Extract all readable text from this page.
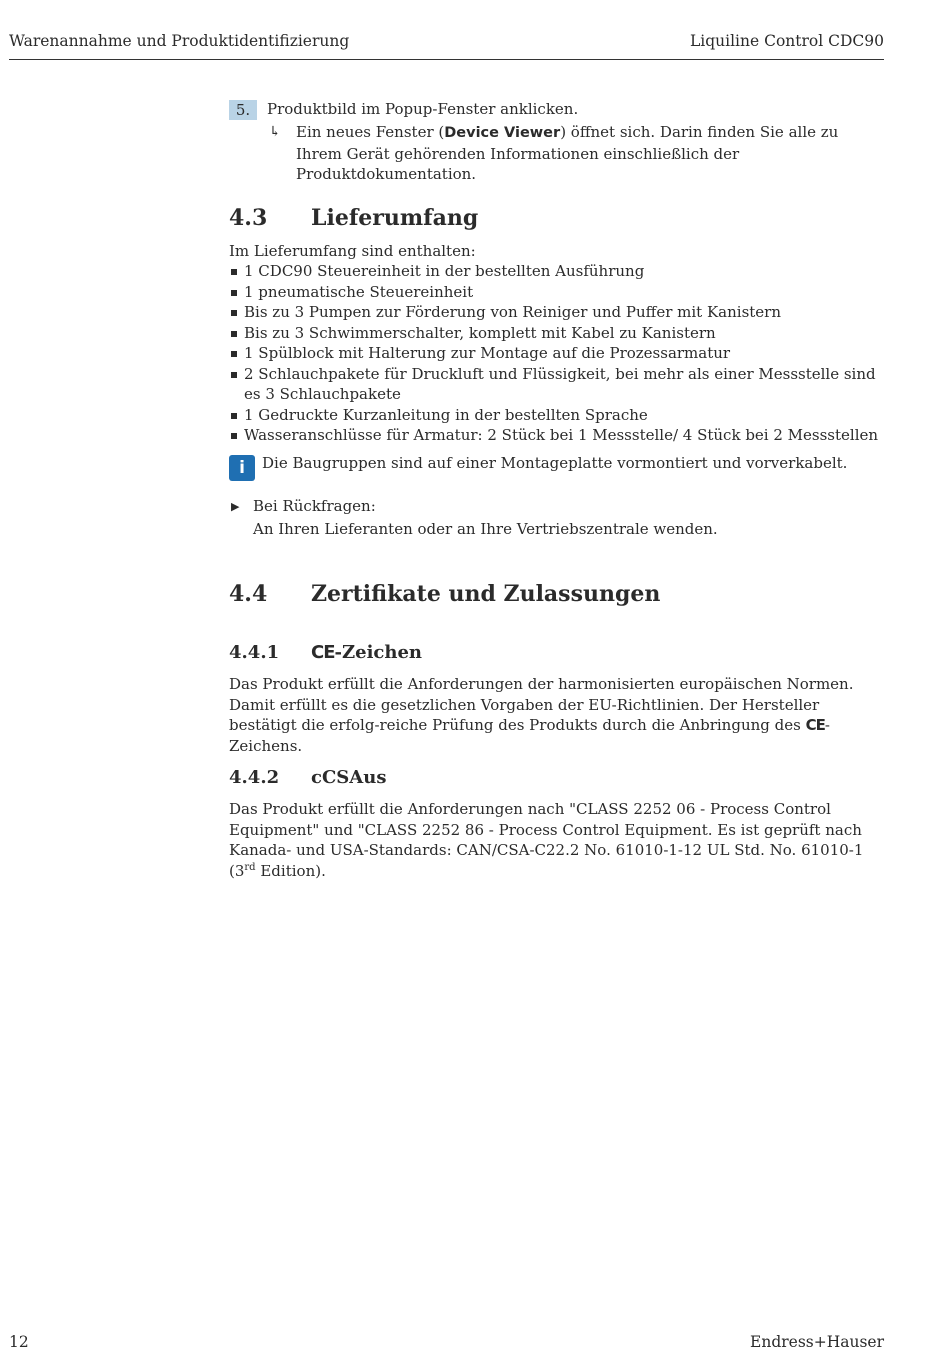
Warenannahme und Produktidentifizierung	Liquiline Control CDC90
5.	Produktbild im Popup-Fenster anklicken.
↳ Ein neues Fenster (Device Viewer) öffnet sich. Darin finden Sie alle zu Ihrem Gerät gehörenden Informationen einschließlich der Produktdokumentation.
4.3 Lieferumfang
Im Lieferumfang sind enthalten:
1 CDC90 Steuereinheit in der bestellten Ausführung
1 pneumatische Steuereinheit
Bis zu 3 Pumpen zur Förderung von Reiniger und Puffer mit Kanistern
Bis zu 3 Schwimmerschalter, komplett mit Kabel zu Kanistern
1 Spülblock mit Halterung zur Montage auf die Prozessarmatur
2 Schlauchpakete für Druckluft und Flüssigkeit, bei mehr als einer Messstelle sind es 3 Schlauchpakete
1 Gedruckte Kurzanleitung in der bestellten Sprache
Wasseranschlüsse für Armatur: 2 Stück bei 1 Messstelle/ 4 Stück bei 2 Messstellen
i	Die Baugruppen sind auf einer Montageplatte vormontiert und vorverkabelt.
▶ Bei Rückfragen:
An Ihren Lieferanten oder an Ihre Vertriebszentrale wenden.
4.4 Zertifikate und Zulassungen
4.4.1 CE-Zeichen
Das Produkt erfüllt die Anforderungen der harmonisierten europäischen Normen. Damit erfüllt es die gesetzlichen Vorgaben der EU-Richtlinien. Der Hersteller bestätigt die erfolg-reiche Prüfung des Produkts durch die Anbringung des CE-Zeichens.
4.4.2 cCSAus
Das Produkt erfüllt die Anforderungen nach "CLASS 2252 06 - Process Control Equipment" und "CLASS 2252 86 - Process Control Equipment. Es ist geprüft nach Kanada- und USA-Standards: CAN/CSA-C22.2 No. 61010-1-12 UL Std. No. 61010-1 (3rd Edition).
12	Endress+Hauser
